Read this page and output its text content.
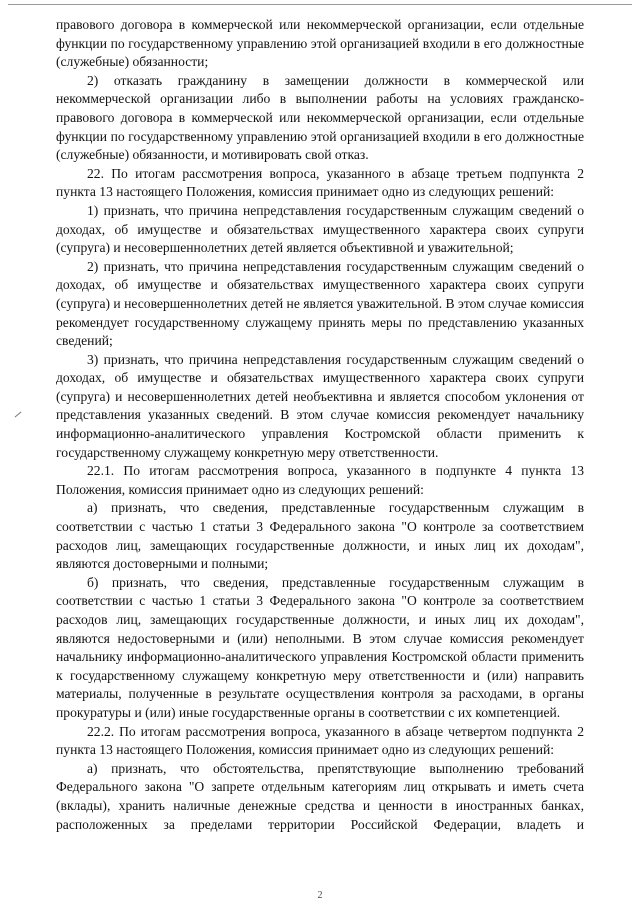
правового договора в коммерческой или некоммерческой организации, если отдельные функции по государственному управлению этой организацией входили в его должностные (служебные) обязанности;

2) отказать гражданину в замещении должности в коммерческой или некоммерческой организации либо в выполнении работы на условиях гражданско-правового договора в коммерческой или некоммерческой организации, если отдельные функции по государственному управлению этой организацией входили в его должностные (служебные) обязанности, и мотивировать свой отказ.

22. По итогам рассмотрения вопроса, указанного в абзаце третьем подпункта 2 пункта 13 настоящего Положения, комиссия принимает одно из следующих решений:

1) признать, что причина непредставления государственным служащим сведений о доходах, об имуществе и обязательствах имущественного характера своих супруги (супруга) и несовершеннолетних детей является объективной и уважительной;

2) признать, что причина непредставления государственным служащим сведений о доходах, об имуществе и обязательствах имущественного характера своих супруги (супруга) и несовершеннолетних детей не является уважительной. В этом случае комиссия рекомендует государственному служащему принять меры по представлению указанных сведений;

3) признать, что причина непредставления государственным служащим сведений о доходах, об имуществе и обязательствах имущественного характера своих супруги (супруга) и несовершеннолетних детей необъективна и является способом уклонения от представления указанных сведений. В этом случае комиссия рекомендует начальнику информационно-аналитического управления Костромской области применить к государственному служащему конкретную меру ответственности.

22.1. По итогам рассмотрения вопроса, указанного в подпункте 4 пункта 13 Положения, комиссия принимает одно из следующих решений:

а) признать, что сведения, представленные государственным служащим в соответствии с частью 1 статьи 3 Федерального закона "О контроле за соответствием расходов лиц, замещающих государственные должности, и иных лиц их доходам", являются достоверными и полными;

б) признать, что сведения, представленные государственным служащим в соответствии с частью 1 статьи 3 Федерального закона "О контроле за соответствием расходов лиц, замещающих государственные должности, и иных лиц их доходам", являются недостоверными и (или) неполными. В этом случае комиссия рекомендует начальнику информационно-аналитического управления Костромской области применить к государственному служащему конкретную меру ответственности и (или) направить материалы, полученные в результате осуществления контроля за расходами, в органы прокуратуры и (или) иные государственные органы в соответствии с их компетенцией.

22.2. По итогам рассмотрения вопроса, указанного в абзаце четвертом подпункта 2 пункта 13 настоящего Положения, комиссия принимает одно из следующих решений:

а) признать, что обстоятельства, препятствующие выполнению требований Федерального закона "О запрете отдельным категориям лиц открывать и иметь счета (вклады), хранить наличные денежные средства и ценности в иностранных банках, расположенных за пределами территории Российской Федерации, владеть и

2
